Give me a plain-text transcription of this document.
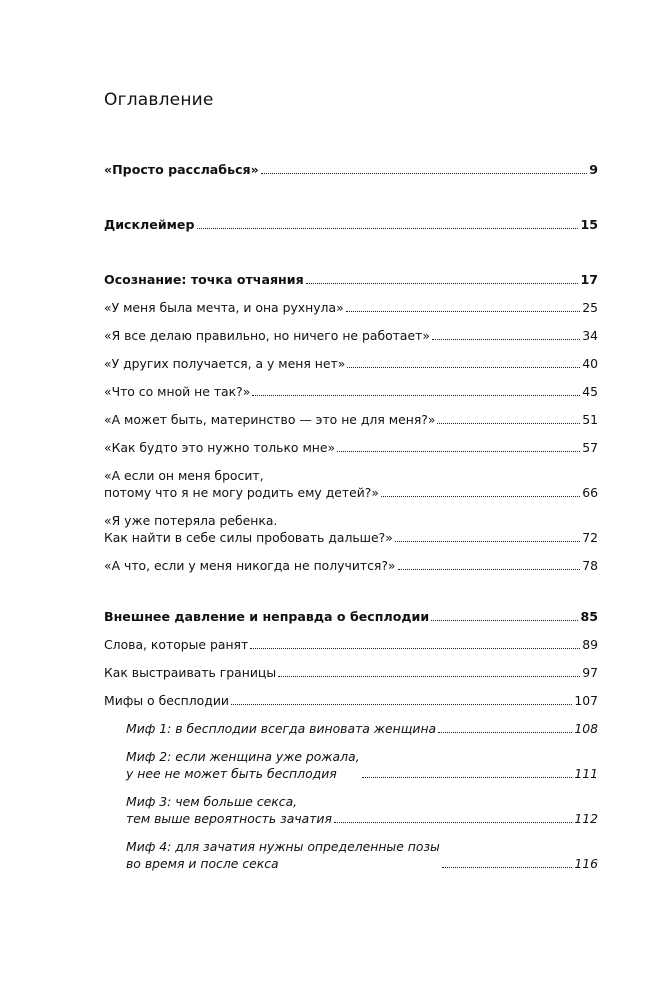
Оглавление
«Просто расслабься»	9
Дисклеймер	15
Осознание: точка отчаяния	17
«У меня была мечта, и она рухнула»	25
«Я все делаю правильно, но ничего не работает»	34
«У других получается, а у меня нет»	40
«Что со мной не так?»	45
«А может быть, материнство — это не для меня?»	51
«Как будто это нужно только мне»	57
«А если он меня бросит,
потому что я не могу родить ему детей?»	66
«Я уже потеряла ребенка.
Как найти в себе силы пробовать дальше?»	72
«А что, если у меня никогда не получится?»	78
Внешнее давление и неправда о бесплодии	85
Слова, которые ранят	89
Как выстраивать границы	97
Мифы о бесплодии	107
Миф 1: в бесплодии всегда виновата женщина	108
Миф 2: если женщина уже рожала,
у нее не может быть бесплодия	111
Миф 3: чем больше секса,
тем выше вероятность зачатия	112
Миф 4: для зачатия нужны определенные позы
во время и после секса	116
